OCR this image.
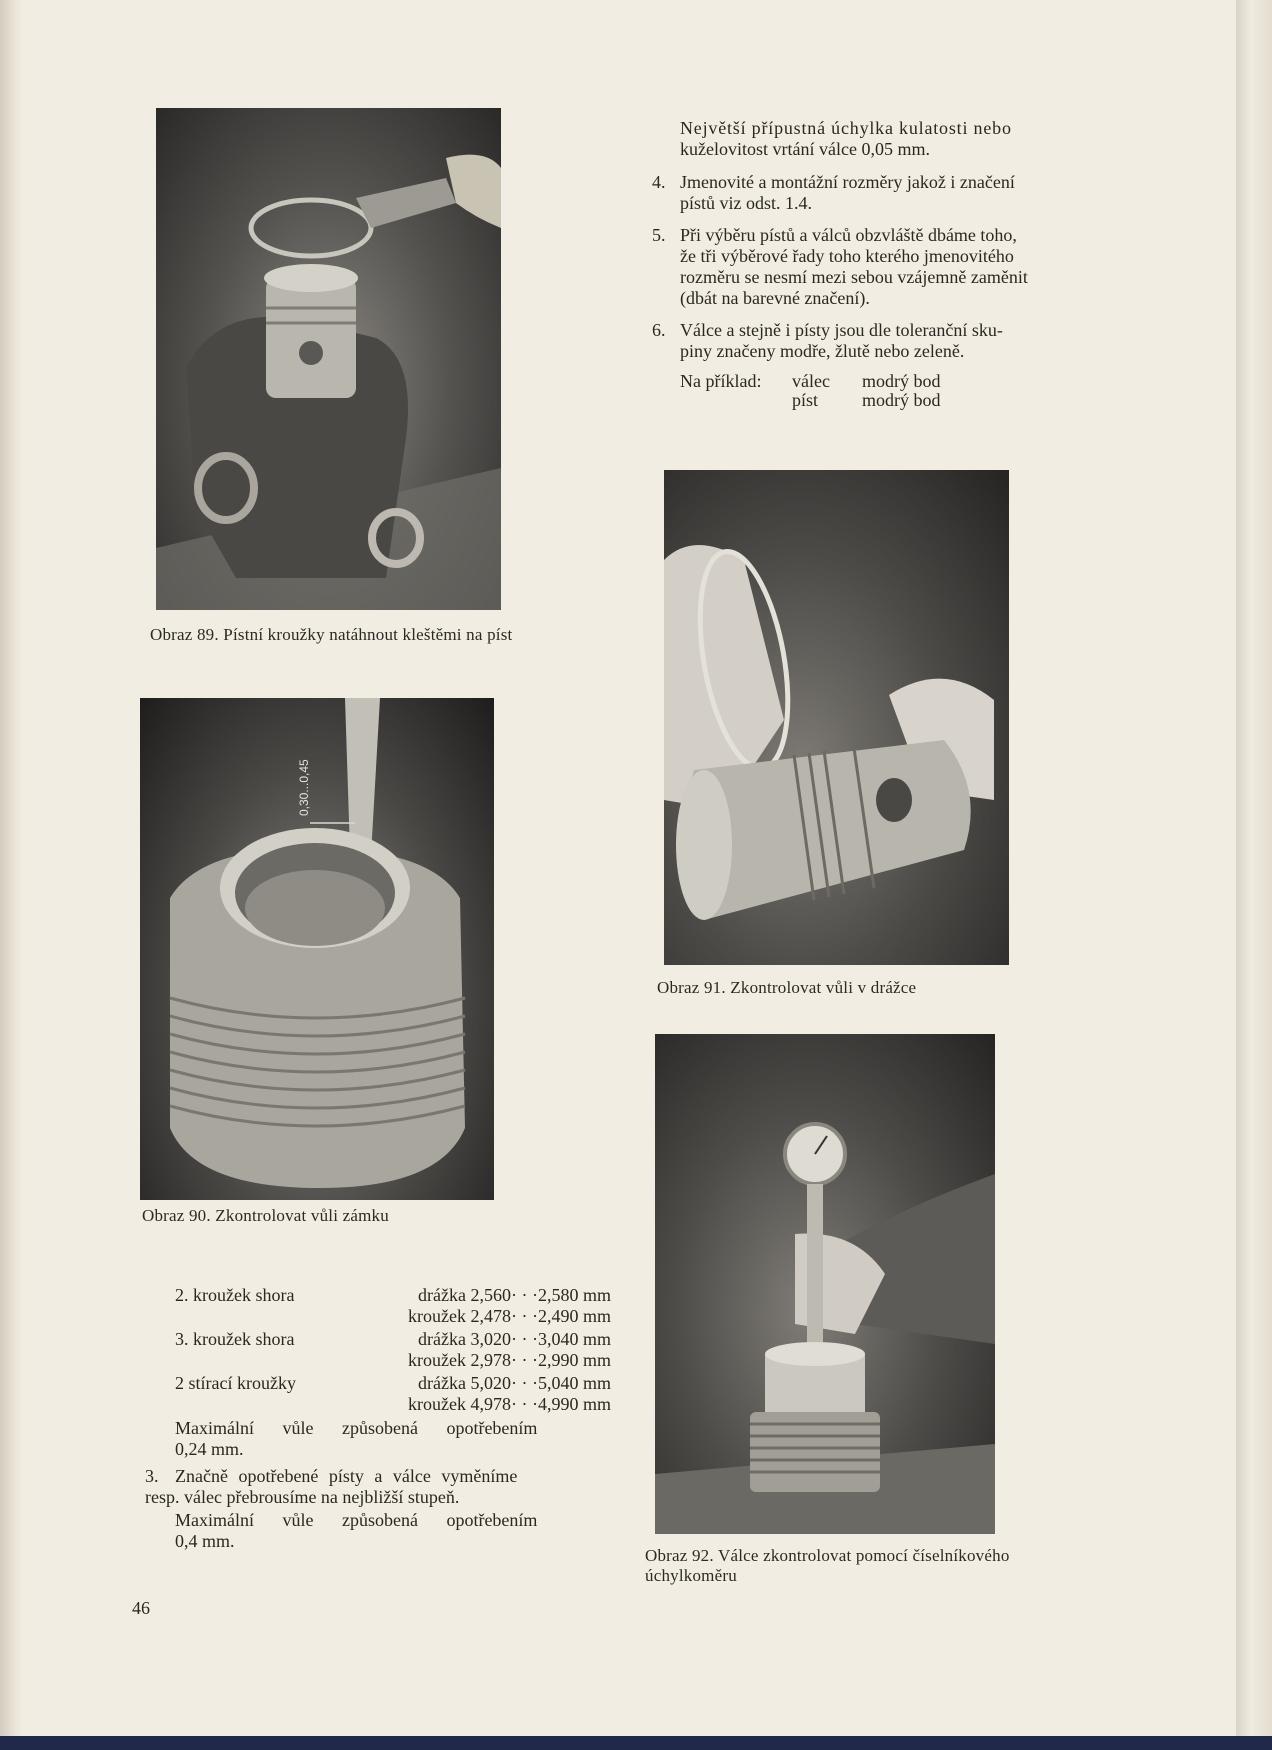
Obraz 89. Pístní kroužky natáhnout kleštěmi na píst
0,30...0,45
Obraz 90. Zkontrolovat vůli zámku
Obraz 91. Zkontrolovat vůli v drážce
Obraz 92. Válce zkontrolovat pomocí číselníkového
úchylkoměru
Největší přípustná úchylka kulatosti nebo
kuželovitost vrtání válce 0,05 mm.
4. Jmenovité a montážní rozměry jakož i značení
pístů viz odst. 1.4.
5. Při výběru pístů a válců obzvláště dbáme toho,
že tři výběrové řady toho kterého jmenovitého
rozměru se nesmí mezi sebou vzájemně zaměnit
(dbát na barevné značení).
6. Válce a stejně i písty jsou dle toleranční sku-
piny značeny modře, žlutě nebo zeleně.
Na příklad:	válec	modrý bod
píst	modrý bod
2. kroužek shora	drážka 2,560· · ·2,580 mm
kroužek 2,478· · ·2,490 mm
3. kroužek shora	drážka 3,020· · ·3,040 mm
kroužek 2,978· · ·2,990 mm
2 stírací kroužky	drážka 5,020· · ·5,040 mm
kroužek 4,978· · ·4,990 mm
Maximální vůle způsobená opotřebením
0,24 mm.
3. Značně opotřebené písty a válce vyměníme
resp. válec přebrousíme na nejbližší stupeň.
Maximální vůle způsobená opotřebením
0,4 mm.
46
